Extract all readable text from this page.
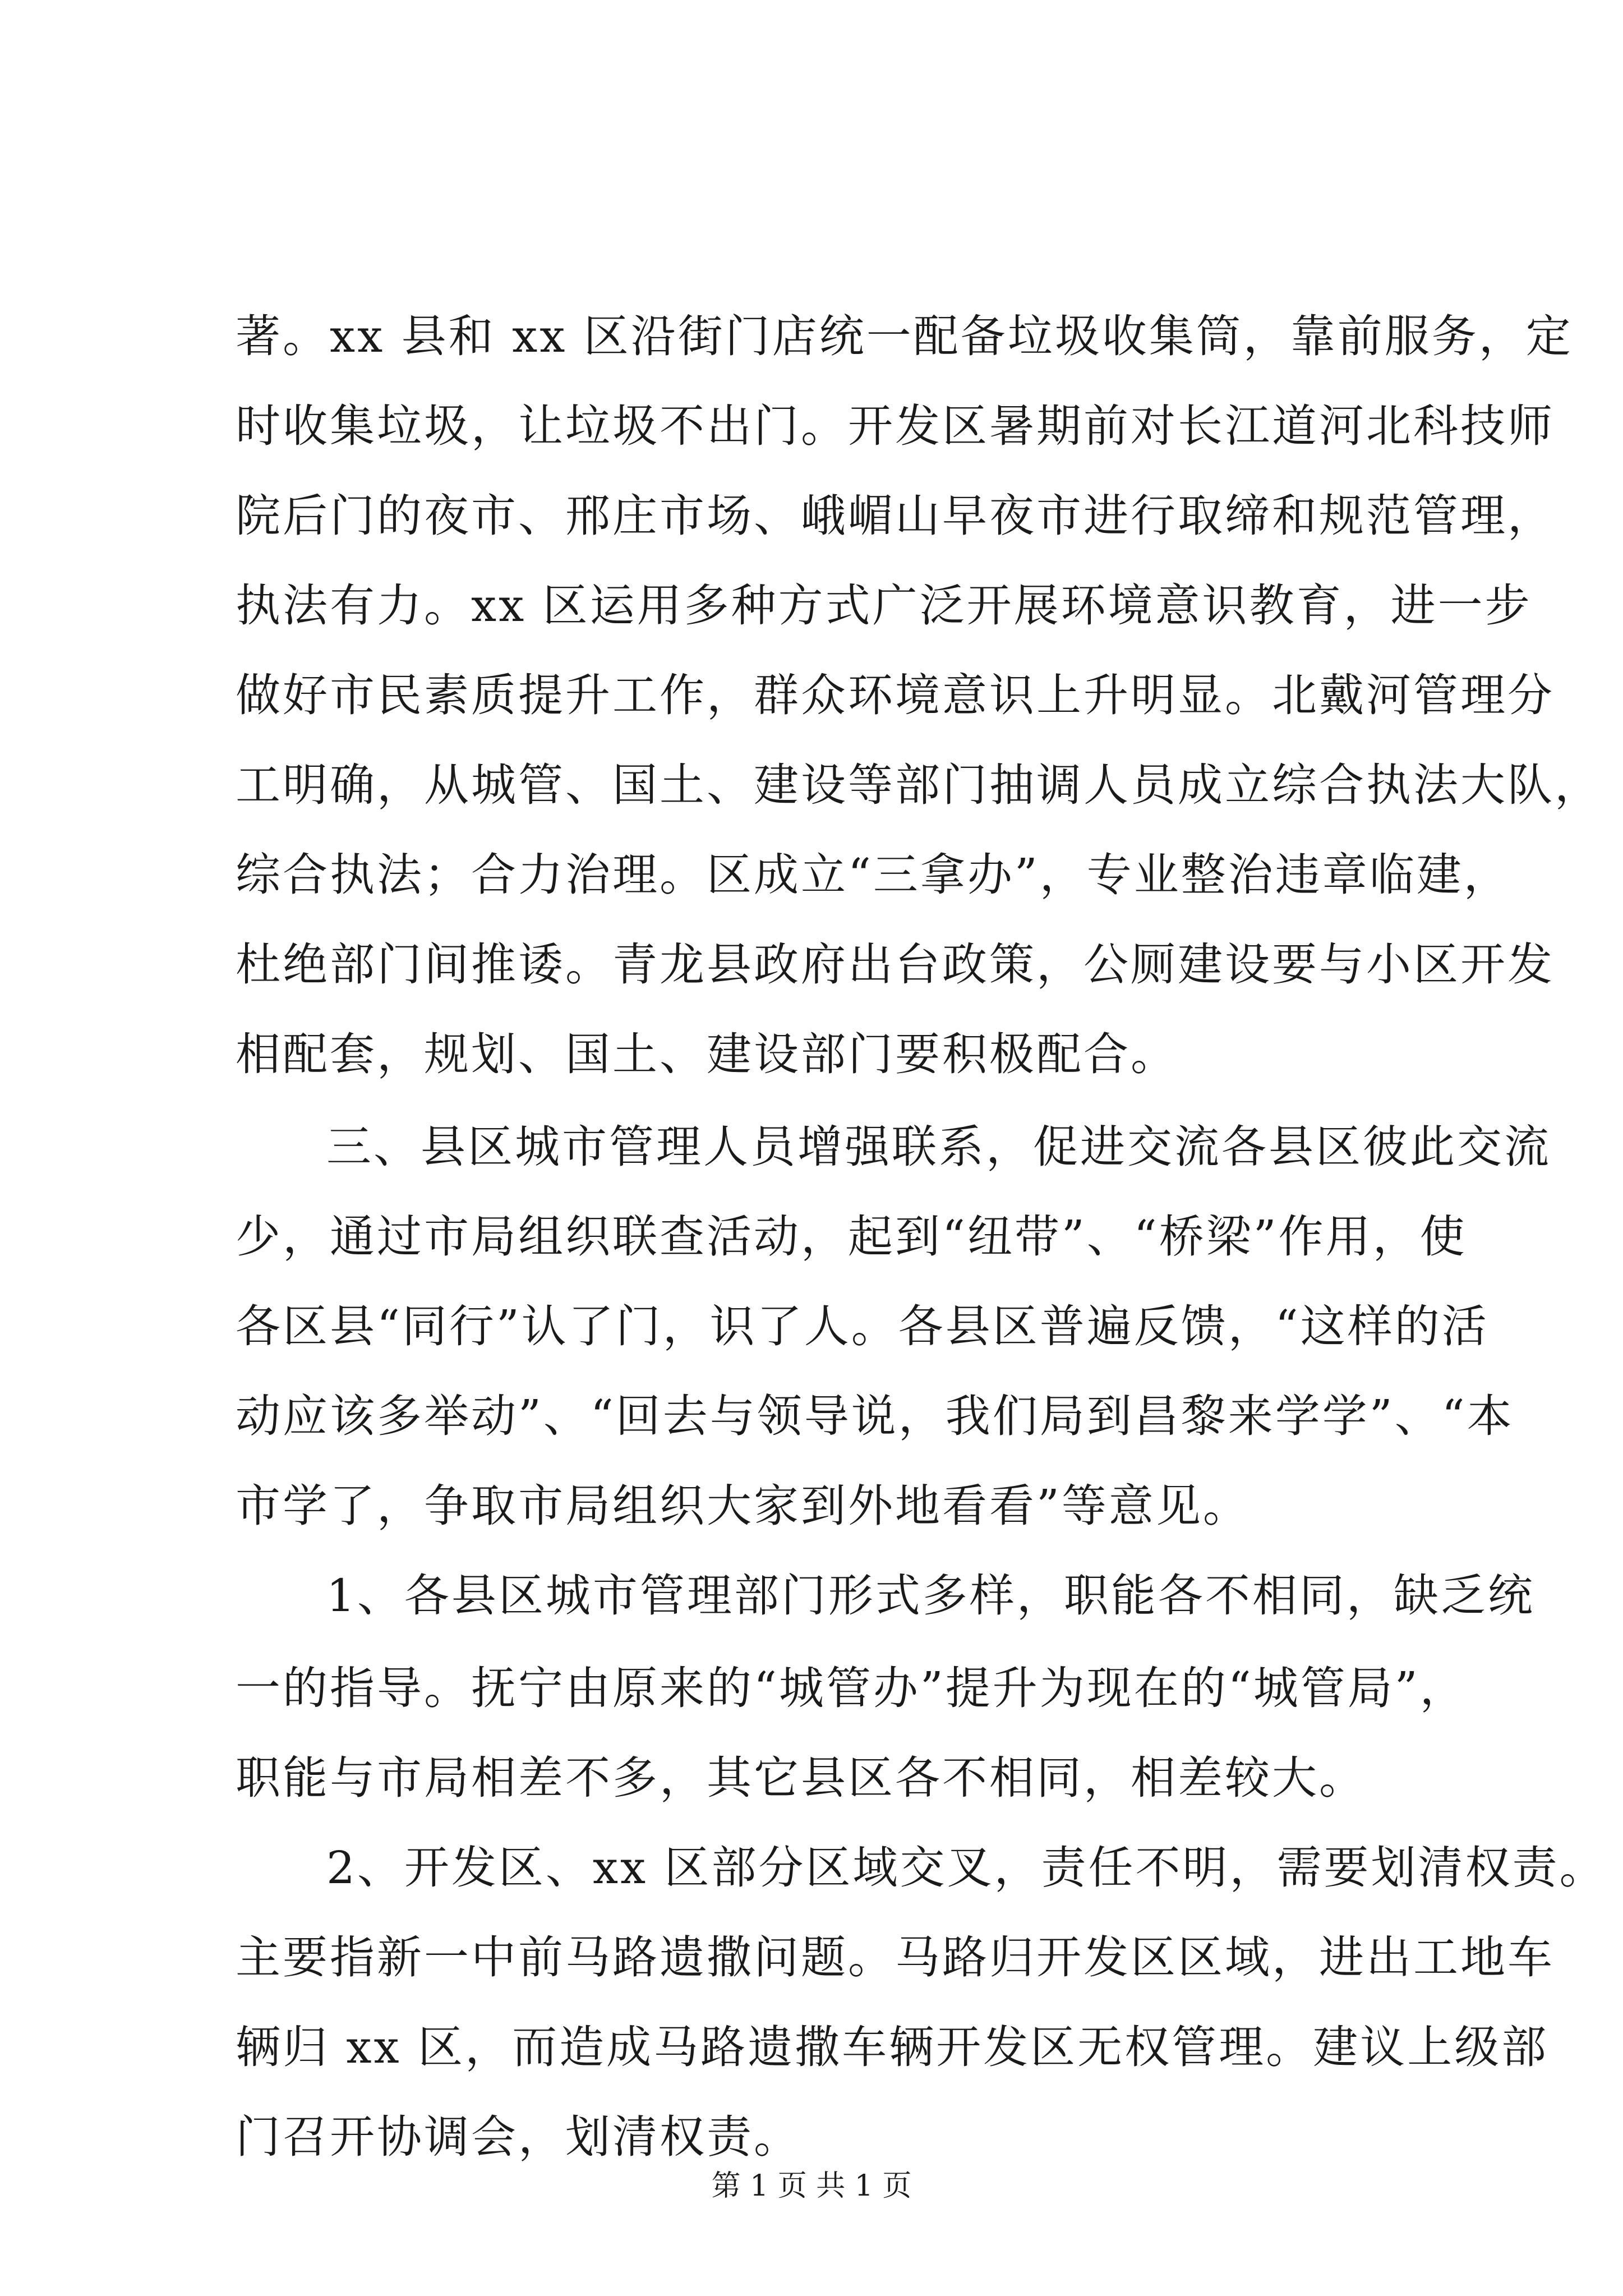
著。xx 县和 xx 区沿街门店统一配备垃圾收集筒，靠前服务，定
时收集垃圾，让垃圾不出门。开发区暑期前对长江道河北科技师
院后门的夜市、邢庄市场、峨嵋山早夜市进行取缔和规范管理，
执法有力。xx 区运用多种方式广泛开展环境意识教育，进一步
做好市民素质提升工作，群众环境意识上升明显。北戴河管理分
工明确，从城管、国土、建设等部门抽调人员成立综合执法大队，
综合执法；合力治理。区成立“三拿办”，专业整治违章临建，
杜绝部门间推诿。青龙县政府出台政策，公厕建设要与小区开发
相配套，规划、国土、建设部门要积极配合。
三、县区城市管理人员增强联系，促进交流各县区彼此交流
少，通过市局组织联查活动，起到“纽带”、“桥梁”作用，使
各区县“同行”认了门，识了人。各县区普遍反馈，“这样的活
动应该多举动”、“回去与领导说，我们局到昌黎来学学”、“本
市学了，争取市局组织大家到外地看看”等意见。
1、各县区城市管理部门形式多样，职能各不相同，缺乏统
一的指导。抚宁由原来的“城管办”提升为现在的“城管局”，
职能与市局相差不多，其它县区各不相同，相差较大。
2、开发区、xx 区部分区域交叉，责任不明，需要划清权责。
主要指新一中前马路遗撒问题。马路归开发区区域，进出工地车
辆归 xx 区，而造成马路遗撒车辆开发区无权管理。建议上级部
门召开协调会，划清权责。
第 1 页 共 1 页
